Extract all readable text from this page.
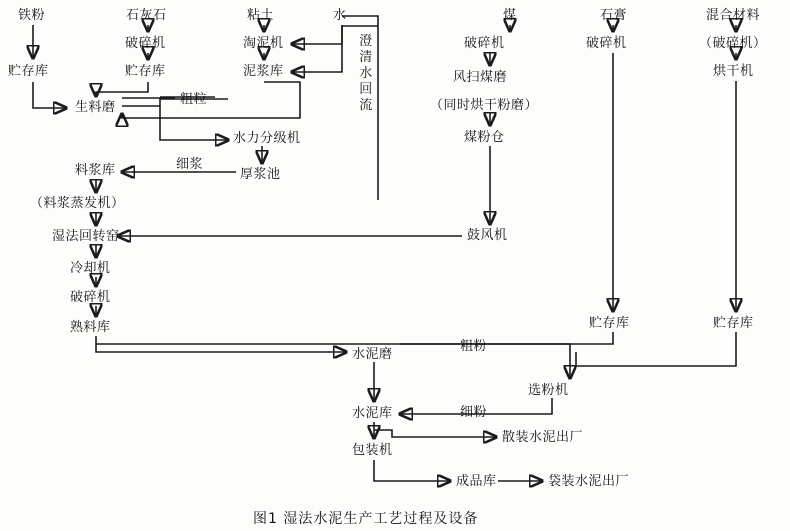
铁粉	石灰石	粘土	水	煤	石膏	混合材料
破碎机	淘泥机	破碎机	破碎机	（破碎机）
贮存库	贮存库	泥浆库	烘干机
澄清水回流
生料磨
粗粒
风扫煤磨
（同时烘干粉磨）
水力分级机	煤粉仓
料浆库	细浆
厚浆池
（料浆蒸发机）
鼓风机
湿法回转窑
冷却机
破碎机
熟料库	贮存库	贮存库
水泥磨
粗粉
选粉机
水泥库	细粉
包装机
散装水泥出厂
成品库	袋装水泥出厂
图1 湿法水泥生产工艺过程及设备
